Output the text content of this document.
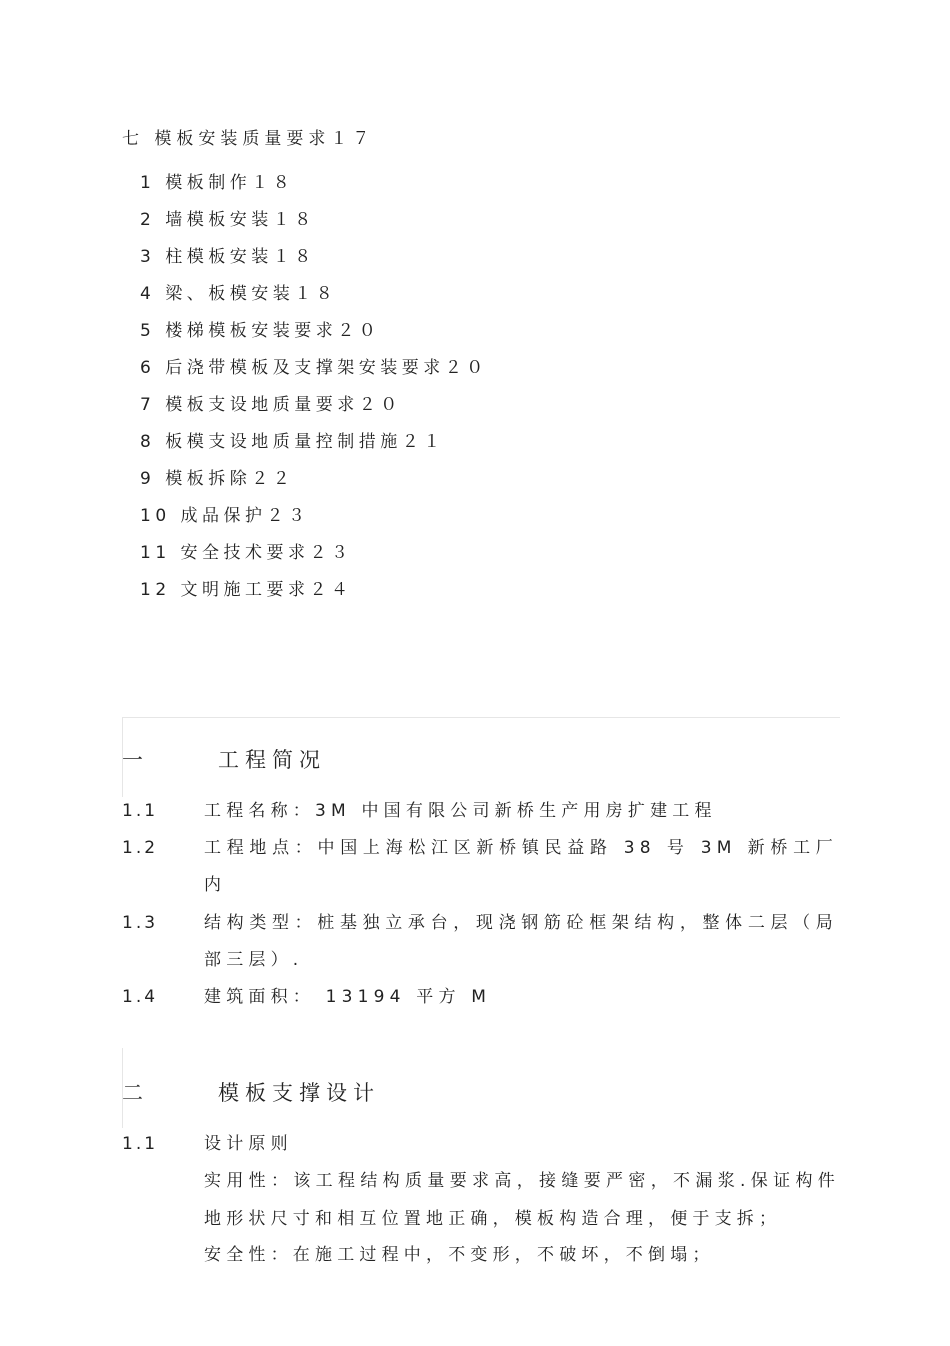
七 模板安装质量要求１７
1 模板制作１８
2 墙模板安装１８
3 柱模板安装１８
4 梁、板模安装１８
5 楼梯模板安装要求２０
6 后浇带模板及支撑架安装要求２０
7 模板支设地质量要求２０
8 板模支设地质量控制措施２１
9 模板拆除２２
10 成品保护２３
11 安全技术要求２３
12 文明施工要求２４
一	工程简况
1.1	工程名称：3M 中国有限公司新桥生产用房扩建工程
1.2	工程地点：中国上海松江区新桥镇民益路 38 号 3M 新桥工厂内
1.3	结构类型：桩基独立承台，现浇钢筋砼框架结构，整体二层（局部三层）.
1.4	建筑面积： 13194 平方 M
二	模板支撑设计
1.1	设计原则
实用性：该工程结构质量要求高，接缝要严密，不漏浆.保证构件地形状尺寸和相互位置地正确，模板构造合理，便于支拆；
安全性：在施工过程中，不变形，不破坏，不倒塌；
